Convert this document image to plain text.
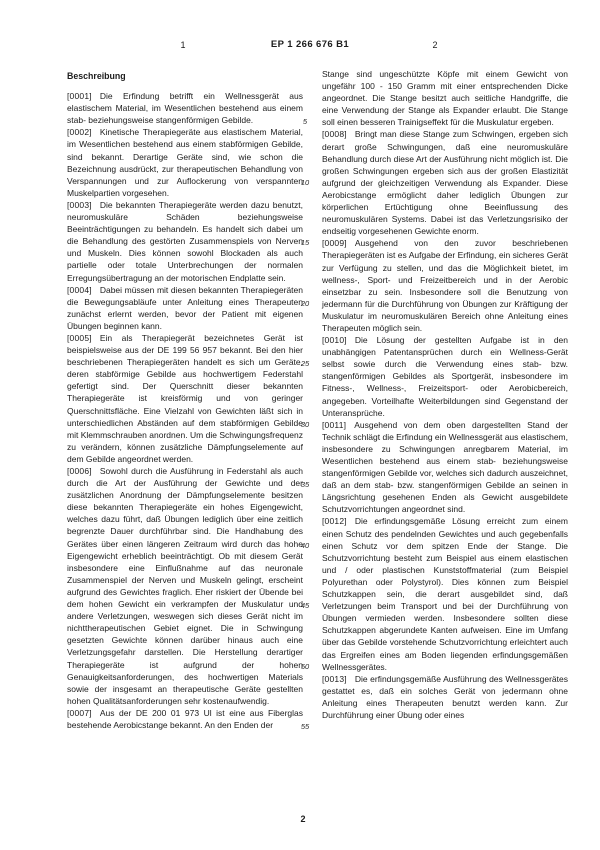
1	EP 1 266 676 B1	2
5
10
15
20
25
30
35
40
45
50
55

Beschreibung

[0001] Die Erfindung betrifft ein Wellnessgerät aus elastischem Material, im Wesentlichen bestehend aus einem stab- beziehungsweise stangenförmigen Gebilde.

[0002] Kinetische Therapiegeräte aus elastischem Material, im Wesentlichen bestehend aus einem stabförmigen Gebilde, sind bekannt. Derartige Geräte sind, wie schon die Bezeichnung ausdrückt, zur therapeutischen Behandlung von Verspannungen und zur Auflockerung von verspannten Muskelpartien vorgesehen.

[0003] Die bekannten Therapiegeräte werden dazu benutzt, neuromuskuläre Schäden beziehungsweise Beeinträchtigungen zu behandeln. Es handelt sich dabei um die Behandlung des gestörten Zusammenspiels von Nerven und Muskeln. Dies können sowohl Blockaden als auch partielle oder totale Unterbrechungen der normalen Erregungsübertragung an der motorischen Endplatte sein.

[0004] Dabei müssen mit diesen bekannten Therapiegeräten die Bewegungsabläufe unter Anleitung eines Therapeuten zunächst erlernt werden, bevor der Patient mit eigenen Übungen beginnen kann.

[0005] Ein als Therapiegerät bezeichnetes Gerät ist beispielsweise aus der DE 199 56 957 bekannt. Bei den hier beschriebenen Therapiegeräten handelt es sich um Geräte, deren stabförmige Gebilde aus hochwertigem Federstahl gefertigt sind. Der Querschnitt dieser bekannten Therapiegeräte ist kreisförmig und von geringer Querschnittsfläche. Eine Vielzahl von Gewichten läßt sich in unterschiedlichen Abständen auf dem stabförmigen Gebilde mit Klemmschrauben anordnen. Um die Schwingungsfrequenz zu verändern, können zusätzliche Dämpfungselemente auf dem Gebilde angeordnet werden.

[0006] Sowohl durch die Ausführung in Federstahl als auch durch die Art der Ausführung der Gewichte und der zusätzlichen Anordnung der Dämpfungselemente besitzen diese bekannten Therapiegeräte ein hohes Eigengewicht, welches dazu führt, daß Übungen lediglich über eine zeitlich begrenzte Dauer durchführbar sind. Die Handhabung des Gerätes über einen längeren Zeitraum wird durch das hohe Eigengewicht erheblich beeinträchtigt. Ob mit diesem Gerät insbesondere eine Einflußnahme auf das neuronale Zusammenspiel der Nerven und Muskeln gelingt, erscheint aufgrund des Gewichtes fraglich. Eher riskiert der Übende bei dem hohen Gewicht ein verkrampfen der Muskulatur und andere Verletzungen, weswegen sich dieses Gerät nicht im nichttherapeutischen Gebiet eignet. Die in Schwingung gesetzten Gewichte können darüber hinaus auch eine Verletzungsgefahr darstellen. Die Herstellung derartiger Therapiegeräte ist aufgrund der hohen Genauigkeitsanforderungen, des hochwertigen Materials sowie der insgesamt an therapeutische Geräte gestellten hohen Qualitätsanforderungen sehr kostenaufwendig.

[0007] Aus der DE 200 01 973 Ul ist eine aus Fiberglas bestehende Aerobicstange bekannt. An den Enden der

Stange sind ungeschützte Köpfe mit einem Gewicht von ungefähr 100 - 150 Gramm mit einer entsprechenden Dicke angeordnet. Die Stange besitzt auch seitliche Handgriffe, die eine Verwendung der Stange als Expander erlaubt. Die Stange soll einen besseren Trainigseffekt für die Muskulatur ergeben.

[0008] Bringt man diese Stange zum Schwingen, ergeben sich derart große Schwingungen, daß eine neuromuskuläre Behandlung durch diese Art der Ausführung nicht möglich ist. Die großen Schwingungen ergeben sich aus der großen Elastizität aufgrund der gleichzeitigen Verwendung als Expander. Diese Aerobicstange ermöglicht daher lediglich Übungen zur körperlichen Ertüchtigung ohne Beeinflussung des neuromuskulären Systems. Dabei ist das Verletzungsrisiko der endseitig vorgesehenen Gewichte enorm.

[0009] Ausgehend von den zuvor beschriebenen Therapiegeräten ist es Aufgabe der Erfindung, ein sicheres Gerät zur Verfügung zu stellen, und das die Möglichkeit bietet, im wellness-, Sport- und Freizeitbereich und in der Aerobic einsetzbar zu sein. Insbesondere soll die Benutzung von jedermann für die Durchführung von Übungen zur Kräftigung der Muskulatur im neuromuskulären Bereich ohne Anleitung eines Therapeuten möglich sein.

[0010] Die Lösung der gestellten Aufgabe ist in den unabhängigen Patentansprüchen durch ein Wellness-Gerät selbst sowie durch die Verwendung eines stab- bzw. stangenförmigen Gebildes als Sportgerät, insbesondere im Fitness-, Wellness-, Freizeitsport- oder Aerobicbereich, angegeben. Vorteilhafte Weiterbildungen sind Gegenstand der Unteransprüche.

[0011] Ausgehend von dem oben dargestellten Stand der Technik schlägt die Erfindung ein Wellnessgerät aus elastischem, insbesondere zu Schwingungen anregbarem Material, im Wesentlichen bestehend aus einem stab- beziehungsweise stangenförmigen Gebilde vor, welches sich dadurch auszeichnet, daß an dem stab- bzw. stangenförmigen Gebilde an seinen in Längsrichtung gesehenen Enden als Gewicht ausgebildete Schutzvorrichtungen angeordnet sind.

[0012] Die erfindungsgemäße Lösung erreicht zum einem einen Schutz des pendelnden Gewichtes und auch gegebenfalls einen Schutz vor dem spitzen Ende der Stange. Die Schutzvorrichtung besteht zum Beispiel aus einem elastischen und / oder plastischen Kunststoffmaterial (zum Beispiel Polyurethan oder Polystyrol). Dies können zum Beispiel Schutzkappen sein, die derart ausgebildet sind, daß Verletzungen beim Transport und bei der Durchführung von Übungen vermieden werden. Insbesondere sollten diese Schutzkappen abgerundete Kanten aufweisen. Eine im Umfang über das Gebilde vorstehende Schutzvorrichtung erleichtert auch das Ergreifen eines am Boden liegenden erfindungsgemäßen Wellnessgerätes.

[0013] Die erfindungsgemäße Ausführung des Wellnessgerätes gestattet es, daß ein solches Gerät von jedermann ohne Anleitung eines Therapeuten benutzt werden kann. Zur Durchführung einer Übung oder eines

2
